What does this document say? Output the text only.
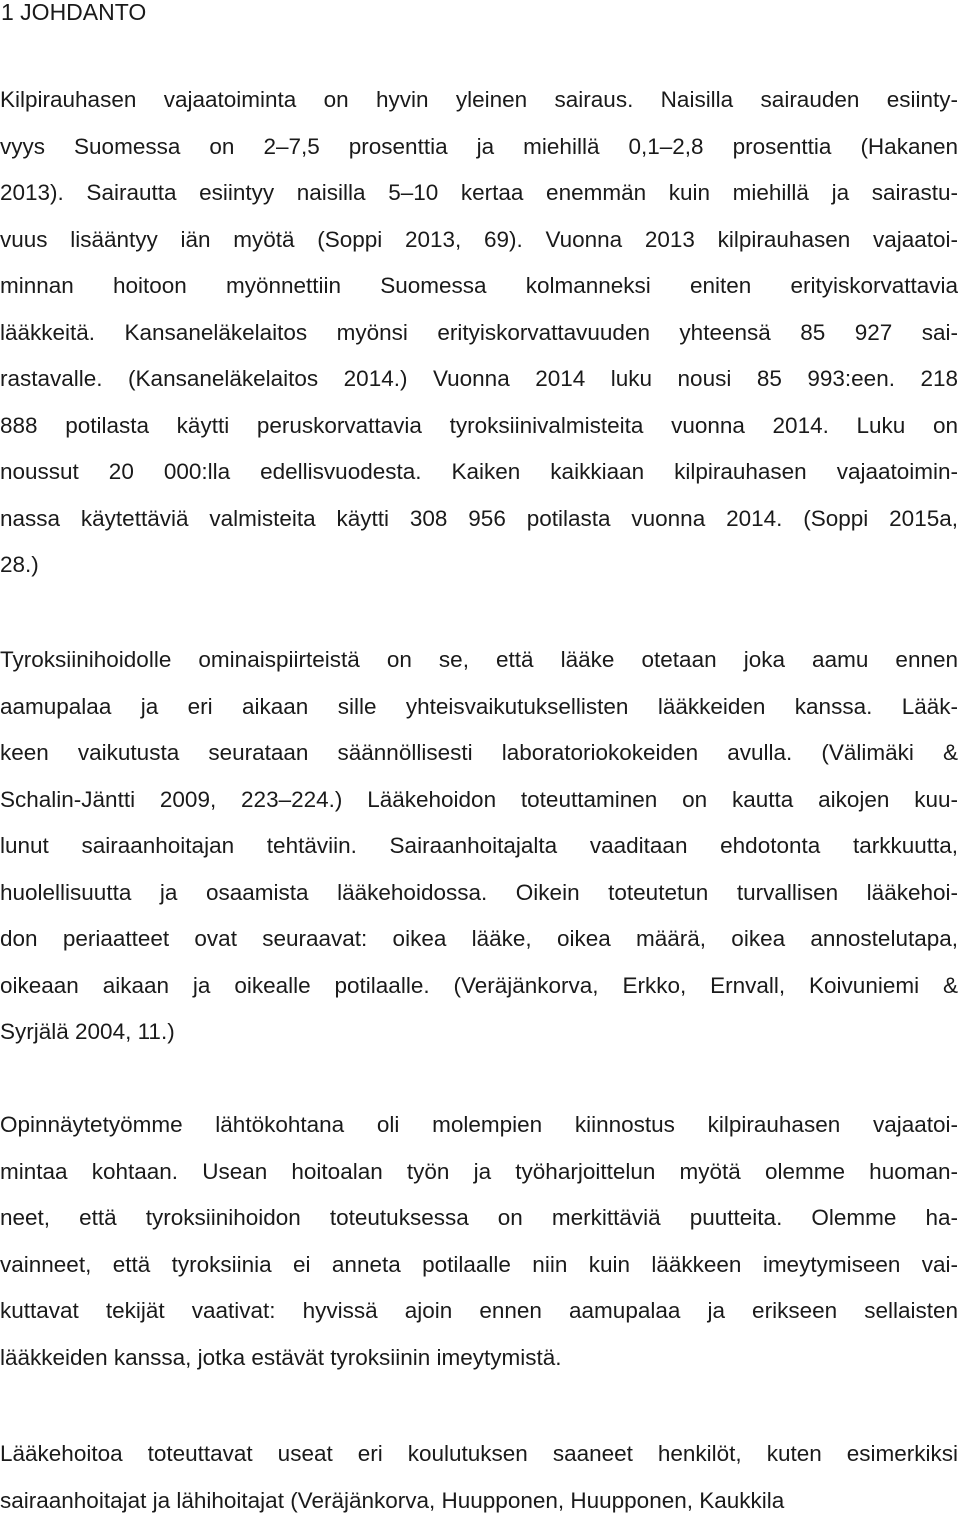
1 JOHDANTO
Kilpirauhasen vajaatoiminta on hyvin yleinen sairaus. Naisilla sairauden esiinty-
vyys Suomessa on 2–7,5 prosenttia ja miehillä 0,1–2,8 prosenttia (Hakanen
2013). Sairautta esiintyy naisilla 5–10 kertaa enemmän kuin miehillä ja sairastu-
vuus lisääntyy iän myötä (Soppi 2013, 69). Vuonna 2013 kilpirauhasen vajaatoi-
minnan hoitoon myönnettiin Suomessa kolmanneksi eniten erityiskorvattavia
lääkkeitä. Kansaneläkelaitos myönsi erityiskorvattavuuden yhteensä 85 927 sai-
rastavalle. (Kansaneläkelaitos 2014.) Vuonna 2014 luku nousi 85 993:een. 218
888 potilasta käytti peruskorvattavia tyroksiinivalmisteita vuonna 2014. Luku on
noussut 20 000:lla edellisvuodesta. Kaiken kaikkiaan kilpirauhasen vajaatoimin-
nassa käytettäviä valmisteita käytti 308 956 potilasta vuonna 2014. (Soppi 2015a,
28.)
Tyroksiinihoidolle ominaispiirteistä on se, että lääke otetaan joka aamu ennen
aamupalaa ja eri aikaan sille yhteisvaikutuksellisten lääkkeiden kanssa. Lääk-
keen vaikutusta seurataan säännöllisesti laboratoriokokeiden avulla. (Välimäki &
Schalin-Jäntti 2009, 223–224.) Lääkehoidon toteuttaminen on kautta aikojen kuu-
lunut sairaanhoitajan tehtäviin. Sairaanhoitajalta vaaditaan ehdotonta tarkkuutta,
huolellisuutta ja osaamista lääkehoidossa. Oikein toteutetun turvallisen lääkehoi-
don periaatteet ovat seuraavat: oikea lääke, oikea määrä, oikea annostelutapa,
oikeaan aikaan ja oikealle potilaalle. (Veräjänkorva, Erkko, Ernvall, Koivuniemi &
Syrjälä 2004, 11.)
Opinnäytetyömme lähtökohtana oli molempien kiinnostus kilpirauhasen vajaatoi-
mintaa kohtaan. Usean hoitoalan työn ja työharjoittelun myötä olemme huoman-
neet, että tyroksiinihoidon toteutuksessa on merkittäviä puutteita. Olemme ha-
vainneet, että tyroksiinia ei anneta potilaalle niin kuin lääkkeen imeytymiseen vai-
kuttavat tekijät vaativat: hyvissä ajoin ennen aamupalaa ja erikseen sellaisten
lääkkeiden kanssa, jotka estävät tyroksiinin imeytymistä.
Lääkehoitoa toteuttavat useat eri koulutuksen saaneet henkilöt, kuten esimerkiksi
sairaanhoitajat ja lähihoitajat (Veräjänkorva, Huupponen, Huupponen, Kaukkila
